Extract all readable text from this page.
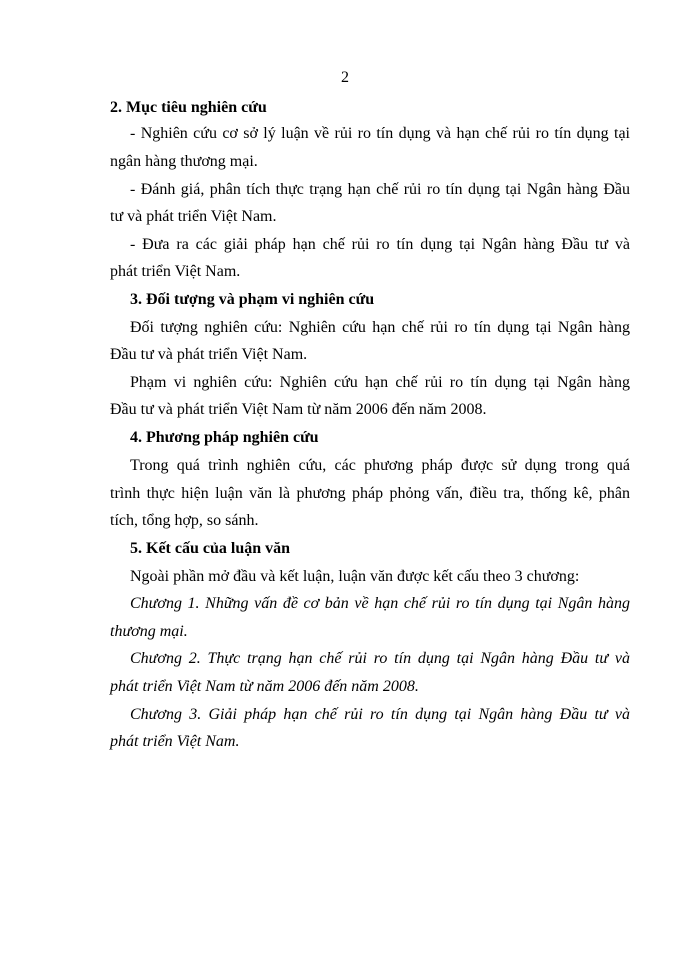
2
2. Mục tiêu nghiên cứu
- Nghiên cứu cơ sở lý luận về rủi ro tín dụng và hạn chế rủi ro tín dụng tại
ngân hàng thương mại.
- Đánh giá, phân tích thực trạng hạn chế rủi ro tín dụng tại Ngân hàng Đầu
tư và phát triển Việt Nam.
- Đưa ra các giải pháp hạn chế rủi ro tín dụng tại Ngân hàng Đầu tư và
phát triển Việt Nam.
3. Đối tượng và phạm vi nghiên cứu
Đối tượng nghiên cứu: Nghiên cứu hạn chế rủi ro tín dụng tại Ngân hàng
Đầu tư và phát triển Việt Nam.
Phạm vi nghiên cứu: Nghiên cứu hạn chế rủi ro tín dụng tại Ngân hàng
Đầu tư và phát triển Việt Nam từ năm 2006 đến năm 2008.
4. Phương pháp nghiên cứu
Trong quá trình nghiên cứu, các phương pháp được sử dụng trong quá
trình thực hiện luận văn là phương pháp phỏng vấn, điều tra, thống kê, phân
tích, tổng hợp, so sánh.
5. Kết cấu của luận văn
Ngoài phần mở đầu và kết luận, luận văn được kết cấu theo 3 chương:
Chương 1. Những vấn đề cơ bản về hạn chế rủi ro tín dụng tại Ngân hàng
thương mại.
Chương 2. Thực trạng hạn chế rủi ro tín dụng tại Ngân hàng Đầu tư và
phát triển Việt Nam từ năm 2006 đến năm 2008.
Chương 3. Giải pháp hạn chế rủi ro tín dụng tại Ngân hàng Đầu tư và
phát triển Việt Nam.
